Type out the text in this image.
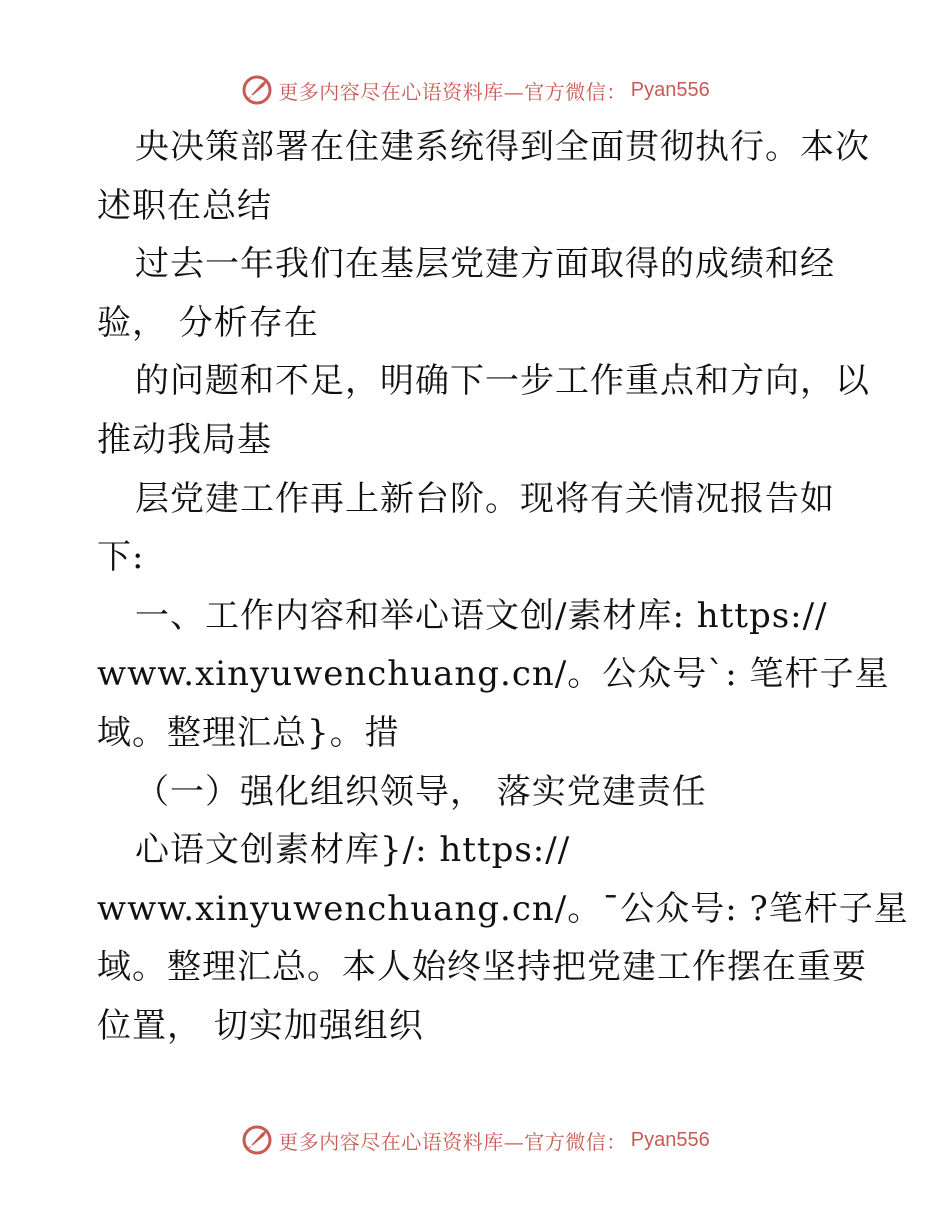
更多内容尽在心语资料库—官方微信： Pyan556
央决策部署在住建系统得到全面贯彻执行。本次
述职在总结
过去一年我们在基层党建方面取得的成绩和经
验， 分析存在
的问题和不足，明确下一步工作重点和方向，以
推动我局基
层党建工作再上新台阶。现将有关情况报告如
下:
一、工作内容和举心语文创/素材库: https://
www.xinyuwenchuang.cn/。公众号`: 笔杆子星
域。整理汇总}。措
（一）强化组织领导， 落实党建责任
心语文创素材库}/: https://
www.xinyuwenchuang.cn/。¯公众号: ?笔杆子星
域。整理汇总。本人始终坚持把党建工作摆在重要
位置， 切实加强组织
更多内容尽在心语资料库—官方微信： Pyan556
